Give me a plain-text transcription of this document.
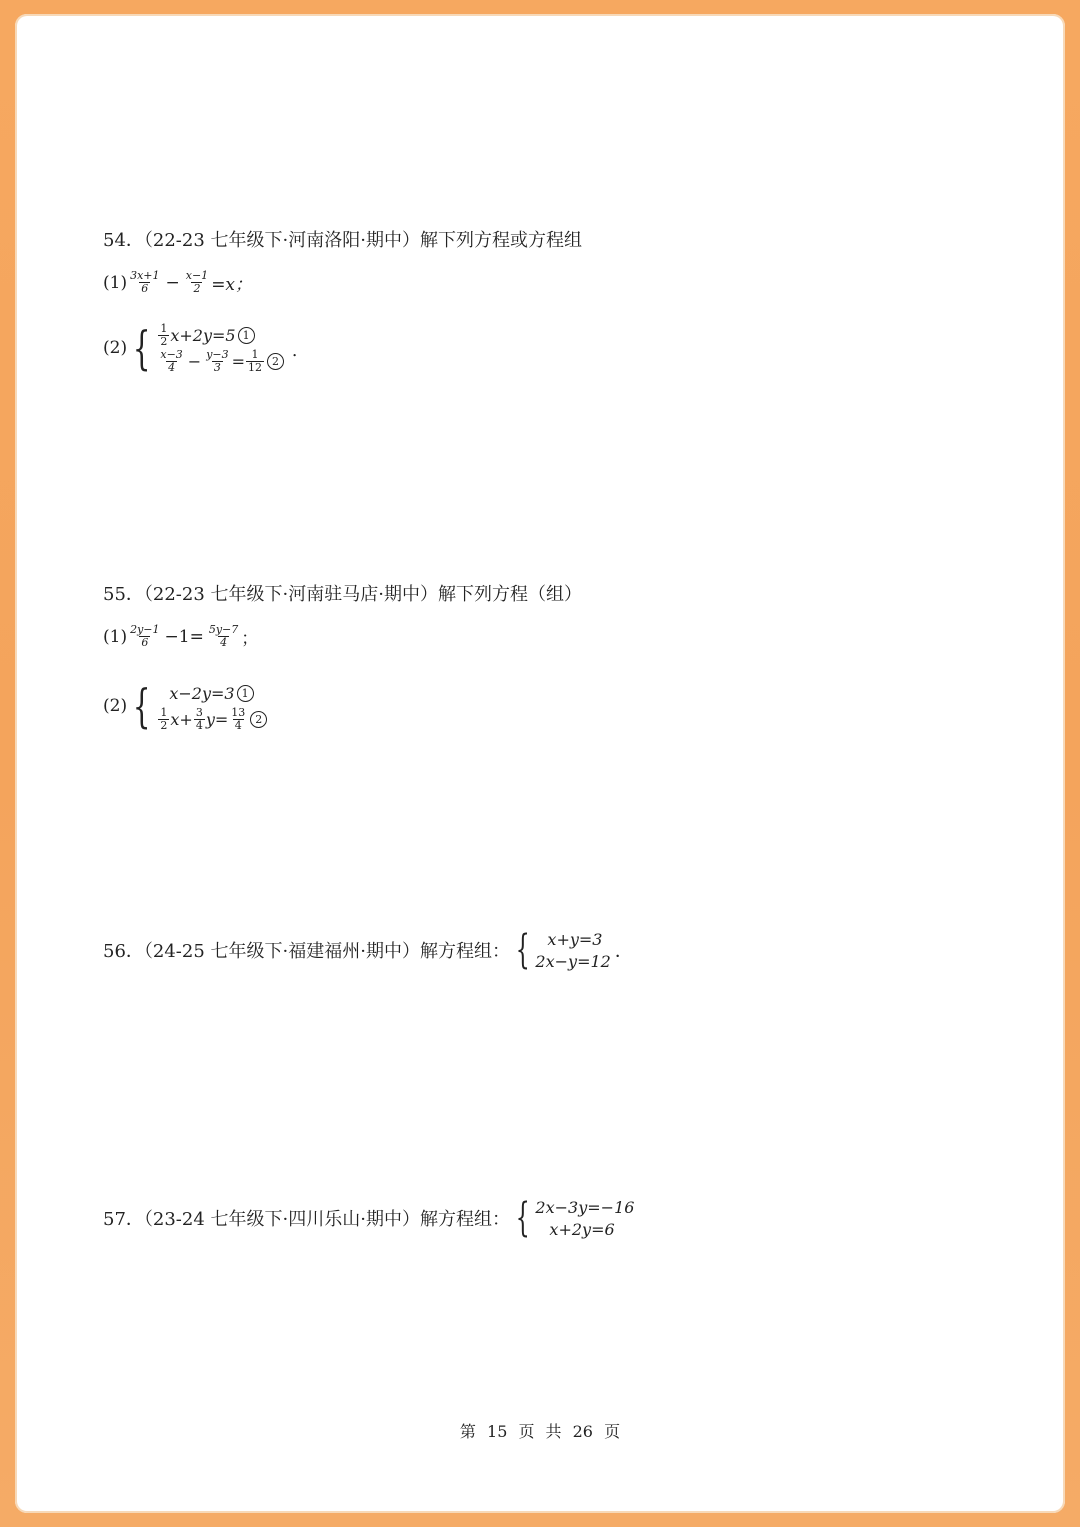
54．（22-23 七年级下·河南洛阳·期中）解下列方程或方程组
$(1) \frac{3x+1}{6} - \frac{x-1}{2} =x$；
(2) { $\frac{1}{2} x+2y=5$ 1
$\frac{x-3}{4} - \frac{y-3}{3} = \frac{1}{12} 2$
．
55．（22-23 七年级下·河南驻马店·期中）解下列方程（组）
$(1) \frac{2y-1}{6} -1= \frac{5y-7}{4}$ ；
(2) { x−2y=3 1
$\frac{1}{2} x+ \frac{3}{4} y= \frac{13}{4} 2$
56．（24-25 七年级下·福建福州·期中）解方程组： {	x+y=3
2x−y=12 ．
57．（23-24 七年级下·四川乐山·期中）解方程组： { 2x−3y=−16
x+2y=6
第 15 页 共 26 页
